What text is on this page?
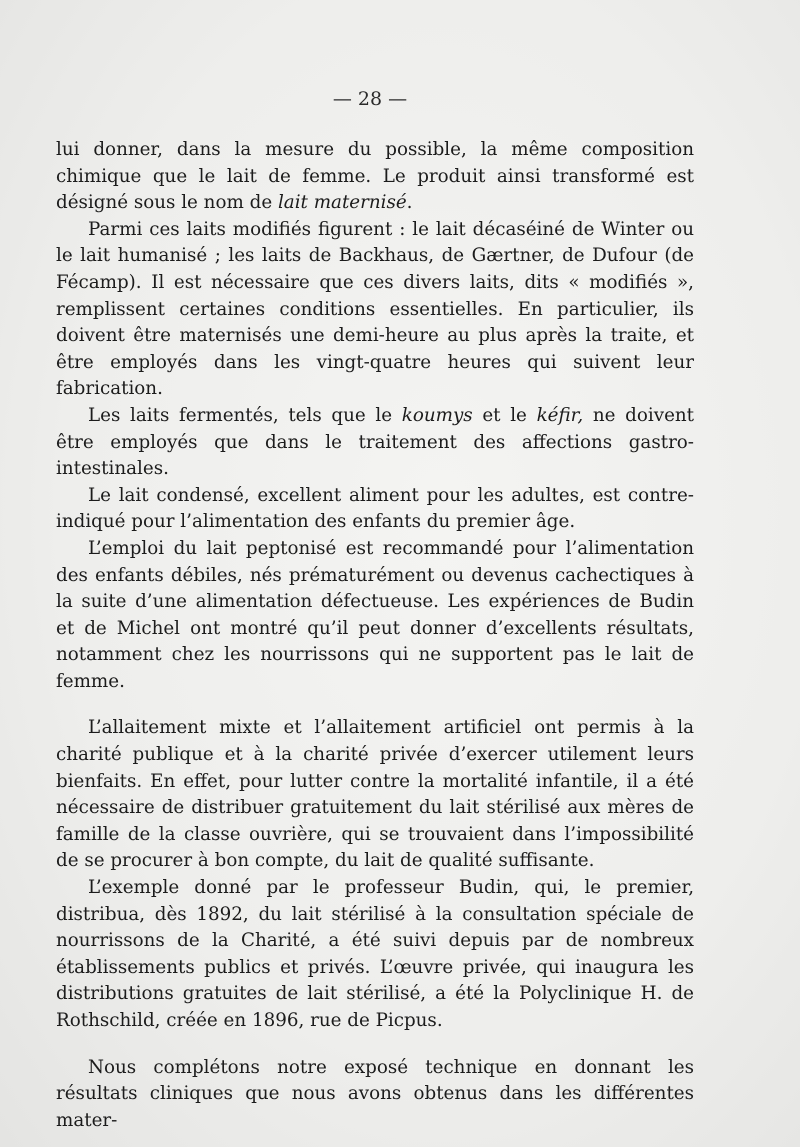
— 28 —

lui donner, dans la mesure du possible, la même composition chimique que le lait de femme. Le produit ainsi transformé est désigné sous le nom de lait maternisé.

Parmi ces laits modifiés figurent : le lait décaséiné de Winter ou le lait humanisé ; les laits de Backhaus, de Gærtner, de Dufour (de Fécamp). Il est nécessaire que ces divers laits, dits « modifiés », remplissent certaines conditions essentielles. En particulier, ils doivent être maternisés une demi-heure au plus après la traite, et être employés dans les vingt-quatre heures qui suivent leur fabrication.

Les laits fermentés, tels que le koumys et le kéfir, ne doivent être employés que dans le traitement des affections gastro-intestinales.

Le lait condensé, excellent aliment pour les adultes, est contre-indiqué pour l’alimentation des enfants du premier âge.

L’emploi du lait peptonisé est recommandé pour l’alimentation des enfants débiles, nés prématurément ou devenus cachectiques à la suite d’une alimentation défectueuse. Les expériences de Budin et de Michel ont montré qu’il peut donner d’excellents résultats, notamment chez les nourrissons qui ne supportent pas le lait de femme.

L’allaitement mixte et l’allaitement artificiel ont permis à la charité publique et à la charité privée d’exercer utilement leurs bienfaits. En effet, pour lutter contre la mortalité infantile, il a été nécessaire de distribuer gratuitement du lait stérilisé aux mères de famille de la classe ouvrière, qui se trouvaient dans l’impossibilité de se procurer à bon compte, du lait de qualité suffisante.

L’exemple donné par le professeur Budin, qui, le premier, distribua, dès 1892, du lait stérilisé à la consultation spéciale de nourrissons de la Charité, a été suivi depuis par de nombreux établissements publics et privés. L’œuvre privée, qui inaugura les distributions gratuites de lait stérilisé, a été la Polyclinique H. de Rothschild, créée en 1896, rue de Picpus.

Nous complétons notre exposé technique en donnant les résultats cliniques que nous avons obtenus dans les différentes mater-
